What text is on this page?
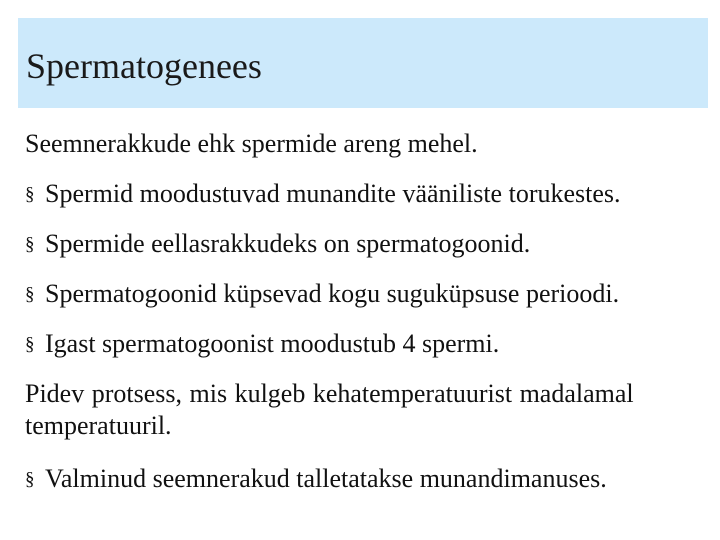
Spermatogenees
Seemnerakkude ehk spermide areng mehel.
§ Spermid moodustuvad munandite vääniliste torukestes.
§ Spermide eellasrakkudeks on spermatogoonid.
§ Spermatogoonid küpsevad kogu suguküpsuse perioodi.
§ Igast spermatogoonist moodustub 4 spermi.
Pidev protsess, mis kulgeb kehatemperatuurist madalamal temperatuuril.
§ Valminud seemnerakud talletatakse munandimanuses.
